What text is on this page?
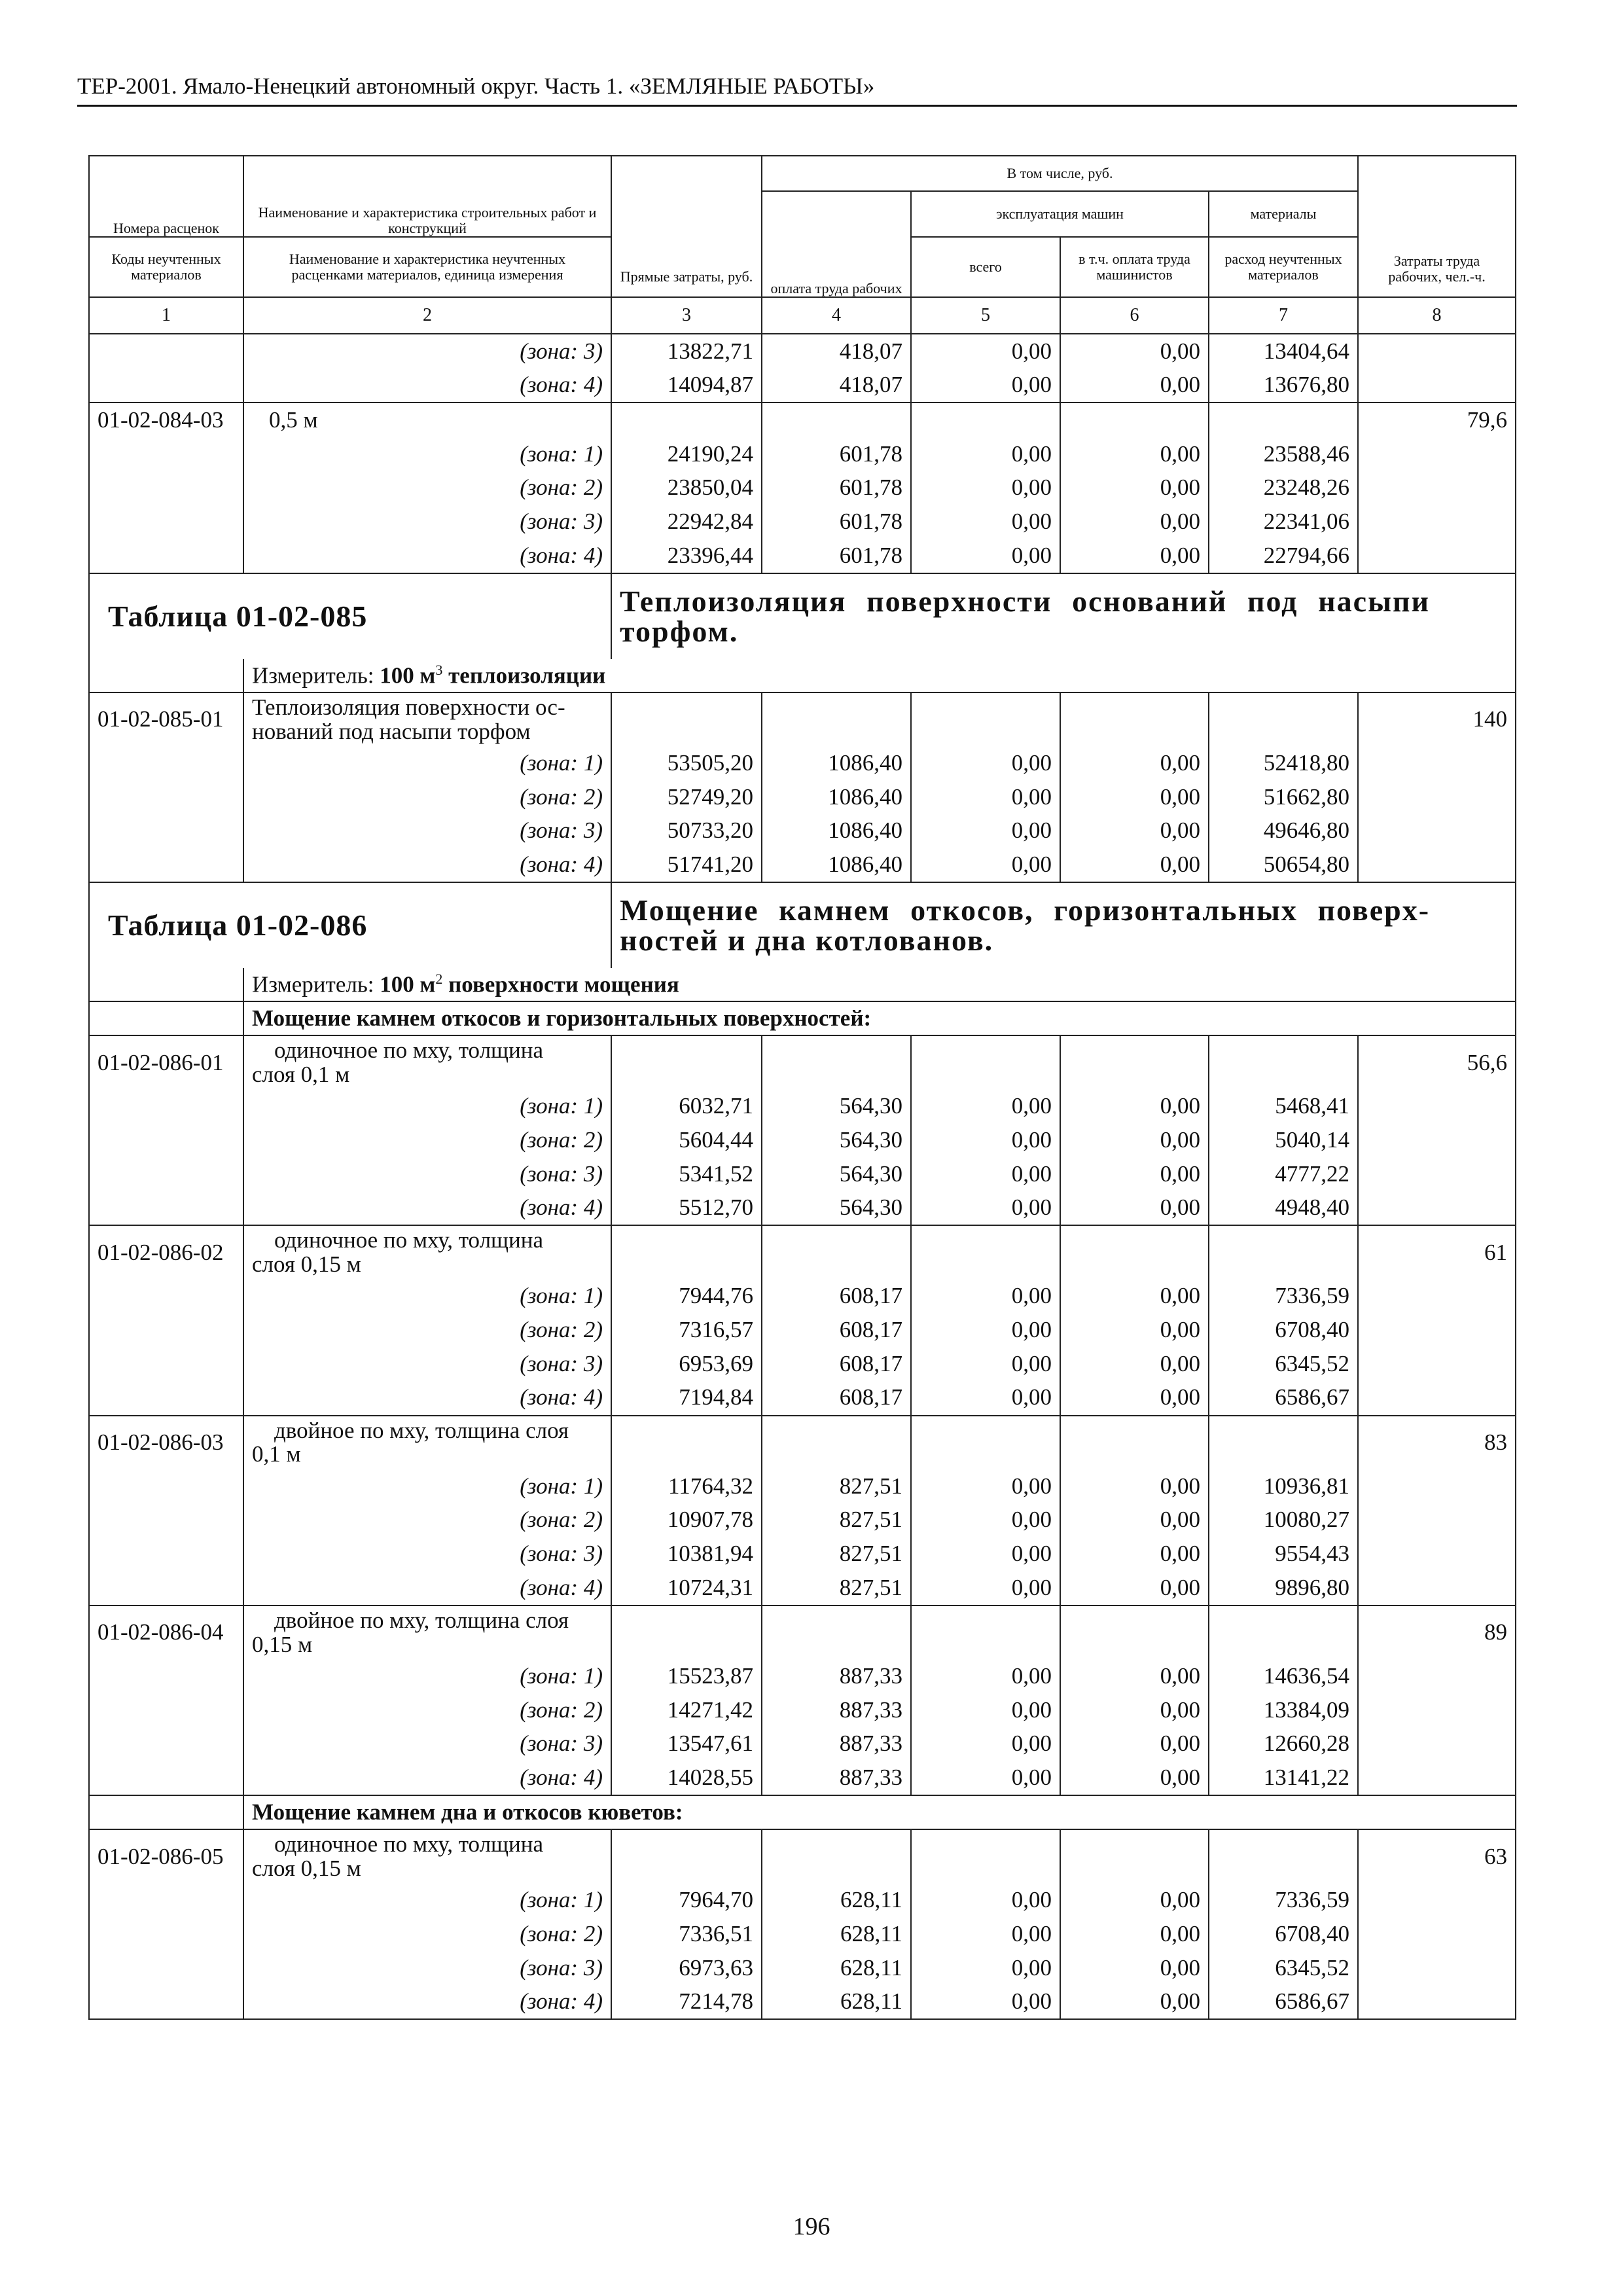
ТЕР-2001. Ямало-Ненецкий автономный округ. Часть 1. «ЗЕМЛЯНЫЕ РАБОТЫ»
Номера расценок	Наименование и характеристика строительных работ и конструкций	Прямые затраты, руб.	В том числе, руб.				Затраты труда рабочих, чел.-ч.
			оплата труда рабочих	эксплуатация машин		материалы	
Коды неучтенных материалов	Наименование и характеристика неучтенных расценками материалов, единица измерения			всего	в т.ч. оплата труда машинистов	расход неучтенных материалов	
1	2	3	4	5	6	7	8
	(зона: 3)	13822,71	418,07	0,00	0,00	13404,64	
	(зона: 4)	14094,87	418,07	0,00	0,00	13676,80	
01-02-084-03	0,5 м						79,6
	(зона: 1)	24190,24	601,78	0,00	0,00	23588,46	
	(зона: 2)	23850,04	601,78	0,00	0,00	23248,26	
	(зона: 3)	22942,84	601,78	0,00	0,00	22341,06	
	(зона: 4)	23396,44	601,78	0,00	0,00	22794,66	
Таблица 01-02-085		Теплоизоляция поверхности оснований под насыпи
торфом.					

	Измеритель: 100 $м^3$ теплоизоляции						
01-02-085-01	Теплоизоляция поверхности ос-
нований под насыпи торфом						140
	(зона: 1)	53505,20	1086,40	0,00	0,00	52418,80	
	(зона: 2)	52749,20	1086,40	0,00	0,00	51662,80	
	(зона: 3)	50733,20	1086,40	0,00	0,00	49646,80	
	(зона: 4)	51741,20	1086,40	0,00	0,00	50654,80	
Таблица 01-02-086		Мощение камнем откосов, горизонтальных поверх-
ностей и дна котлованов.					

	Измеритель: 100 $м^2$ поверхности мощения						
	Мощение камнем откосов и горизонтальных поверхностей:						
01-02-086-01	одиночное по мху, толщина
слоя 0,1 м						56,6
	(зона: 1)	6032,71	564,30	0,00	0,00	5468,41	
	(зона: 2)	5604,44	564,30	0,00	0,00	5040,14	
	(зона: 3)	5341,52	564,30	0,00	0,00	4777,22	
	(зона: 4)	5512,70	564,30	0,00	0,00	4948,40	
01-02-086-02	одиночное по мху, толщина
слоя 0,15 м						61
	(зона: 1)	7944,76	608,17	0,00	0,00	7336,59	
	(зона: 2)	7316,57	608,17	0,00	0,00	6708,40	
	(зона: 3)	6953,69	608,17	0,00	0,00	6345,52	
	(зона: 4)	7194,84	608,17	0,00	0,00	6586,67	
01-02-086-03	двойное по мху, толщина слоя
0,1 м						83
	(зона: 1)	11764,32	827,51	0,00	0,00	10936,81	
	(зона: 2)	10907,78	827,51	0,00	0,00	10080,27	
	(зона: 3)	10381,94	827,51	0,00	0,00	9554,43	
	(зона: 4)	10724,31	827,51	0,00	0,00	9896,80	
01-02-086-04	двойное по мху, толщина слоя
0,15 м						89
	(зона: 1)	15523,87	887,33	0,00	0,00	14636,54	
	(зона: 2)	14271,42	887,33	0,00	0,00	13384,09	
	(зона: 3)	13547,61	887,33	0,00	0,00	12660,28	
	(зона: 4)	14028,55	887,33	0,00	0,00	13141,22	
	Мощение камнем дна и откосов кюветов:						
01-02-086-05	одиночное по мху, толщина
слоя 0,15 м						63
	(зона: 1)	7964,70	628,11	0,00	0,00	7336,59	
	(зона: 2)	7336,51	628,11	0,00	0,00	6708,40	
	(зона: 3)	6973,63	628,11	0,00	0,00	6345,52	
	(зона: 4)	7214,78	628,11	0,00	0,00	6586,67	
196
